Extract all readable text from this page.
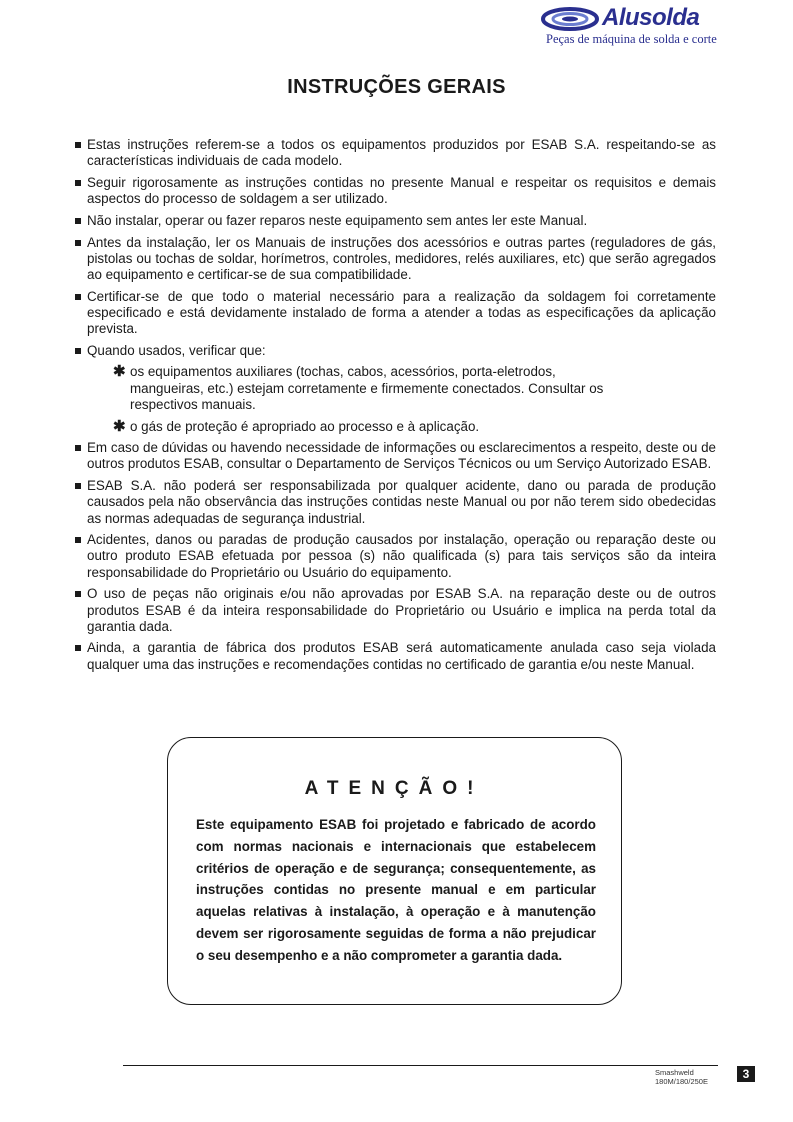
Alusolda
Peças de máquina de solda e corte
INSTRUÇÕES GERAIS
Estas instruções referem-se a todos os equipamentos produzidos por ESAB S.A. respeitando-se as características individuais de cada modelo.
Seguir rigorosamente as instruções contidas no presente Manual e respeitar os requisitos e demais aspectos do processo de soldagem a ser utilizado.
Não instalar, operar ou fazer reparos neste equipamento sem antes ler este Manual.
Antes da instalação, ler os Manuais de instruções dos acessórios e outras partes (reguladores de gás, pistolas ou tochas de soldar, horímetros, controles, medidores, relés auxiliares, etc) que serão agregados ao equipamento e certificar-se de sua compatibilidade.
Certificar-se de que todo o material necessário para a realização da soldagem foi corretamente especificado e está devidamente instalado de forma a atender a todas as especificações da aplicação prevista.
Quando usados, verificar que:
✱ os equipamentos auxiliares (tochas, cabos, acessórios, porta-eletrodos, mangueiras, etc.) estejam corretamente e firmemente conectados. Consultar os respectivos manuais.
✱ o gás de proteção é apropriado ao processo e à aplicação.
Em caso de dúvidas ou havendo necessidade de informações ou esclarecimentos a respeito, deste ou de outros produtos ESAB, consultar o Departamento de Serviços Técnicos ou um Serviço Autorizado ESAB.
ESAB S.A. não poderá ser responsabilizada por qualquer acidente, dano ou parada de produção causados pela não observância das instruções contidas neste Manual ou por não terem sido obedecidas as normas adequadas de segurança industrial.
Acidentes, danos ou paradas de produção causados por instalação, operação ou reparação deste ou outro produto ESAB efetuada por pessoa (s) não qualificada (s) para tais serviços são da inteira responsabilidade do Proprietário ou Usuário do equipamento.
O uso de peças não originais e/ou não aprovadas por ESAB S.A. na reparação deste ou de outros produtos ESAB é da inteira responsabilidade do Proprietário ou Usuário e implica na perda total da garantia dada.
Ainda, a garantia de fábrica dos produtos ESAB será automaticamente anulada caso seja violada qualquer uma das instruções e recomendações contidas no certificado de garantia e/ou neste Manual.
ATENÇÃO!
Este equipamento ESAB foi projetado e fabricado de acordo com normas nacionais e internacionais que estabelecem critérios de operação e de segurança; consequentemente, as instruções contidas no presente manual e em particular aquelas relativas à instalação, à operação e à manutenção devem ser rigorosamente seguidas de forma a não prejudicar o seu desempenho e a não comprometer a garantia dada.
Smashweld
180M/180/250E
3
